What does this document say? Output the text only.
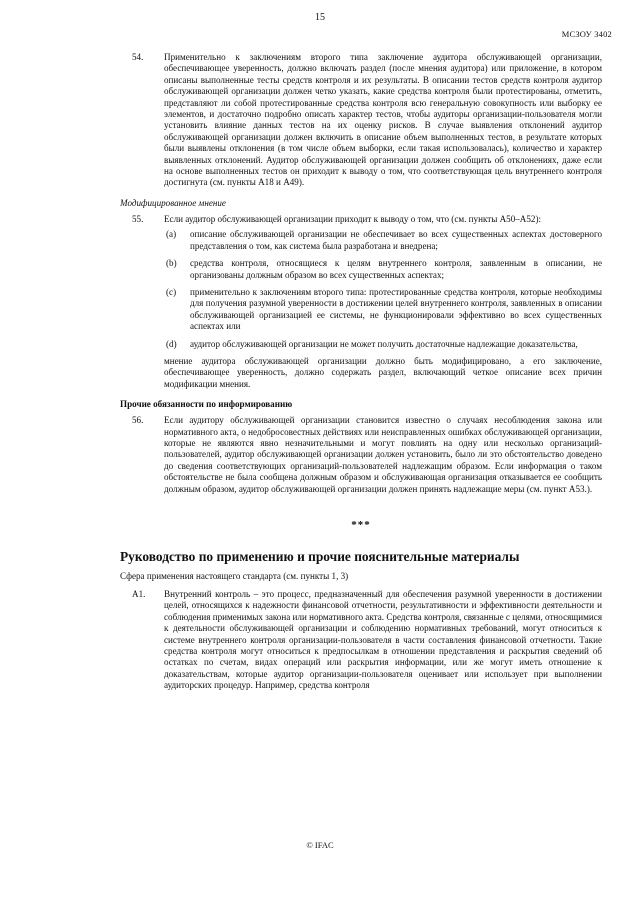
15
МСЗОУ 3402
54.	Применительно к заключениям второго типа заключение аудитора обслуживающей организации, обеспечивающее уверенность, должно включать раздел (после мнения аудитора) или приложение, в котором описаны выполненные тесты средств контроля и их результаты. В описании тестов средств контроля аудитор обслуживающей организации должен четко указать, какие средства контроля были протестированы, отметить, представляют ли собой протестированные средства контроля всю генеральную совокупность или выборку ее элементов, и достаточно подробно описать характер тестов, чтобы аудиторы организации-пользователя могли установить влияние данных тестов на их оценку рисков. В случае выявления отклонений аудитор обслуживающей организации должен включить в описание объем выполненных тестов, в результате которых были выявлены отклонения (в том числе объем выборки, если такая использовалась), количество и характер выявленных отклонений. Аудитор обслуживающей организации должен сообщить об отклонениях, даже если на основе выполненных тестов он приходит к выводу о том, что соответствующая цель внутреннего контроля достигнута (см. пункты A18 и A49).

Модифицированное мнение
55.	Если аудитор обслуживающей организации приходит к выводу о том, что (см. пункты A50–A52):

(a)	описание обслуживающей организации не обеспечивает во всех существенных аспектах достоверного представления о том, как система была разработана и внедрена;

(b)	средства контроля, относящиеся к целям внутреннего контроля, заявленным в описании, не организованы должным образом во всех существенных аспектах;

(c)	применительно к заключениям второго типа: протестированные средства контроля, которые необходимы для получения разумной уверенности в достижении целей внутреннего контроля, заявленных в описании обслуживающей организацией ее системы, не функционировали эффективно во всех существенных аспектах или

(d)	аудитор обслуживающей организации не может получить достаточные надлежащие доказательства,

мнение аудитора обслуживающей организации должно быть модифицировано, а его заключение, обеспечивающее уверенность, должно содержать раздел, включающий четкое описание всех причин модификации мнения.

Прочие обязанности по информированию
56.	Если аудитору обслуживающей организации становится известно о случаях несоблюдения закона или нормативного акта, о недобросовестных действиях или неисправленных ошибках обслуживающей организации, которые не являются явно незначительными и могут повлиять на одну или несколько организаций-пользователей, аудитор обслуживающей организации должен установить, было ли это обстоятельство доведено до сведения соответствующих организаций-пользователей надлежащим образом. Если информация о таком обстоятельстве не была сообщена должным образом и обслуживающая организация отказывается ее сообщить должным образом, аудитор обслуживающей организации должен принять надлежащие меры (см. пункт A53.).

***
Руководство по применению и прочие пояснительные материалы
Сфера применения настоящего стандарта (см. пункты 1, 3)
A1.	Внутренний контроль – это процесс, предназначенный для обеспечения разумной уверенности в достижении целей, относящихся к надежности финансовой отчетности, результативности и эффективности деятельности и соблюдения применимых закона или нормативного акта. Средства контроля, связанные с целями, относящимися к деятельности обслуживающей организации и соблюдению нормативных требований, могут относиться к системе внутреннего контроля организации-пользователя в части составления финансовой отчетности. Такие средства контроля могут относиться к предпосылкам в отношении представления и раскрытия сведений об остатках по счетам, видах операций или раскрытия информации, или же могут иметь отношение к доказательствам, которые аудитор организации-пользователя оценивает или использует при выполнении аудиторских процедур. Например, средства контроля

© IFAC
